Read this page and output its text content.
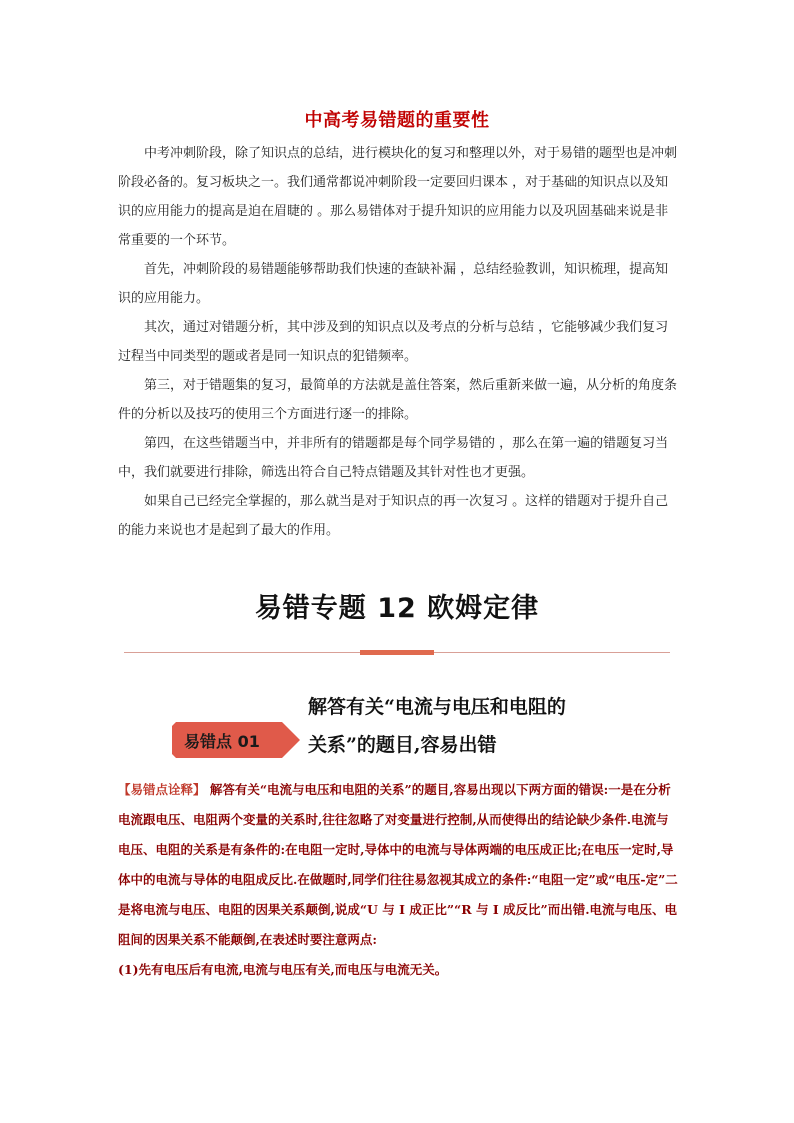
中高考易错题的重要性

中考冲刺阶段，除了知识点的总结，进行模块化的复习和整理以外，对于易错的题型也是冲刺阶段必备的。复习板块之一。我们通常都说冲刺阶段一定要回归课本 ，对于基础的知识点以及知识的应用能力的提高是迫在眉睫的 。那么易错体对于提升知识的应用能力以及巩固基础来说是非常重要的一个环节。

首先，冲刺阶段的易错题能够帮助我们快速的查缺补漏 ，总结经验教训，知识梳理，提高知识的应用能力。

其次，通过对错题分析，其中涉及到的知识点以及考点的分析与总结 ，它能够减少我们复习过程当中同类型的题或者是同一知识点的犯错频率。

第三，对于错题集的复习，最简单的方法就是盖住答案，然后重新来做一遍，从分析的角度条件的分析以及技巧的使用三个方面进行逐一的排除。

第四，在这些错题当中，并非所有的错题都是每个同学易错的 ，那么在第一遍的错题复习当中，我们就要进行排除，筛选出符合自己特点错题及其针对性也才更强。

如果自己已经完全掌握的，那么就当是对于知识点的再一次复习 。这样的错题对于提升自己的能力来说也才是起到了最大的作用。

易错专题 12 欧姆定律
易错点 01
解答有关“电流与电压和电阻的
关系”的题目,容易出错

【易错点诠释】 解答有关“电流与电压和电阻的关系”的题目,容易出现以下两方面的错误:一是在分析电流跟电压、电阻两个变量的关系时,往往忽略了对变量进行控制,从而使得出的结论缺少条件.电流与电压、电阻的关系是有条件的:在电阻一定时,导体中的电流与导体两端的电压成正比;在电压一定时,导体中的电流与导体的电阻成反比.在做题时,同学们往往易忽视其成立的条件:“电阻一定”或“电压-定”二是将电流与电压、电阻的因果关系颠倒,说成“U 与 I 成正比”“R 与 I 成反比”而出错.电流与电压、电阻间的因果关系不能颠倒,在表述时要注意两点:

(1)先有电压后有电流,电流与电压有关,而电压与电流无关。
